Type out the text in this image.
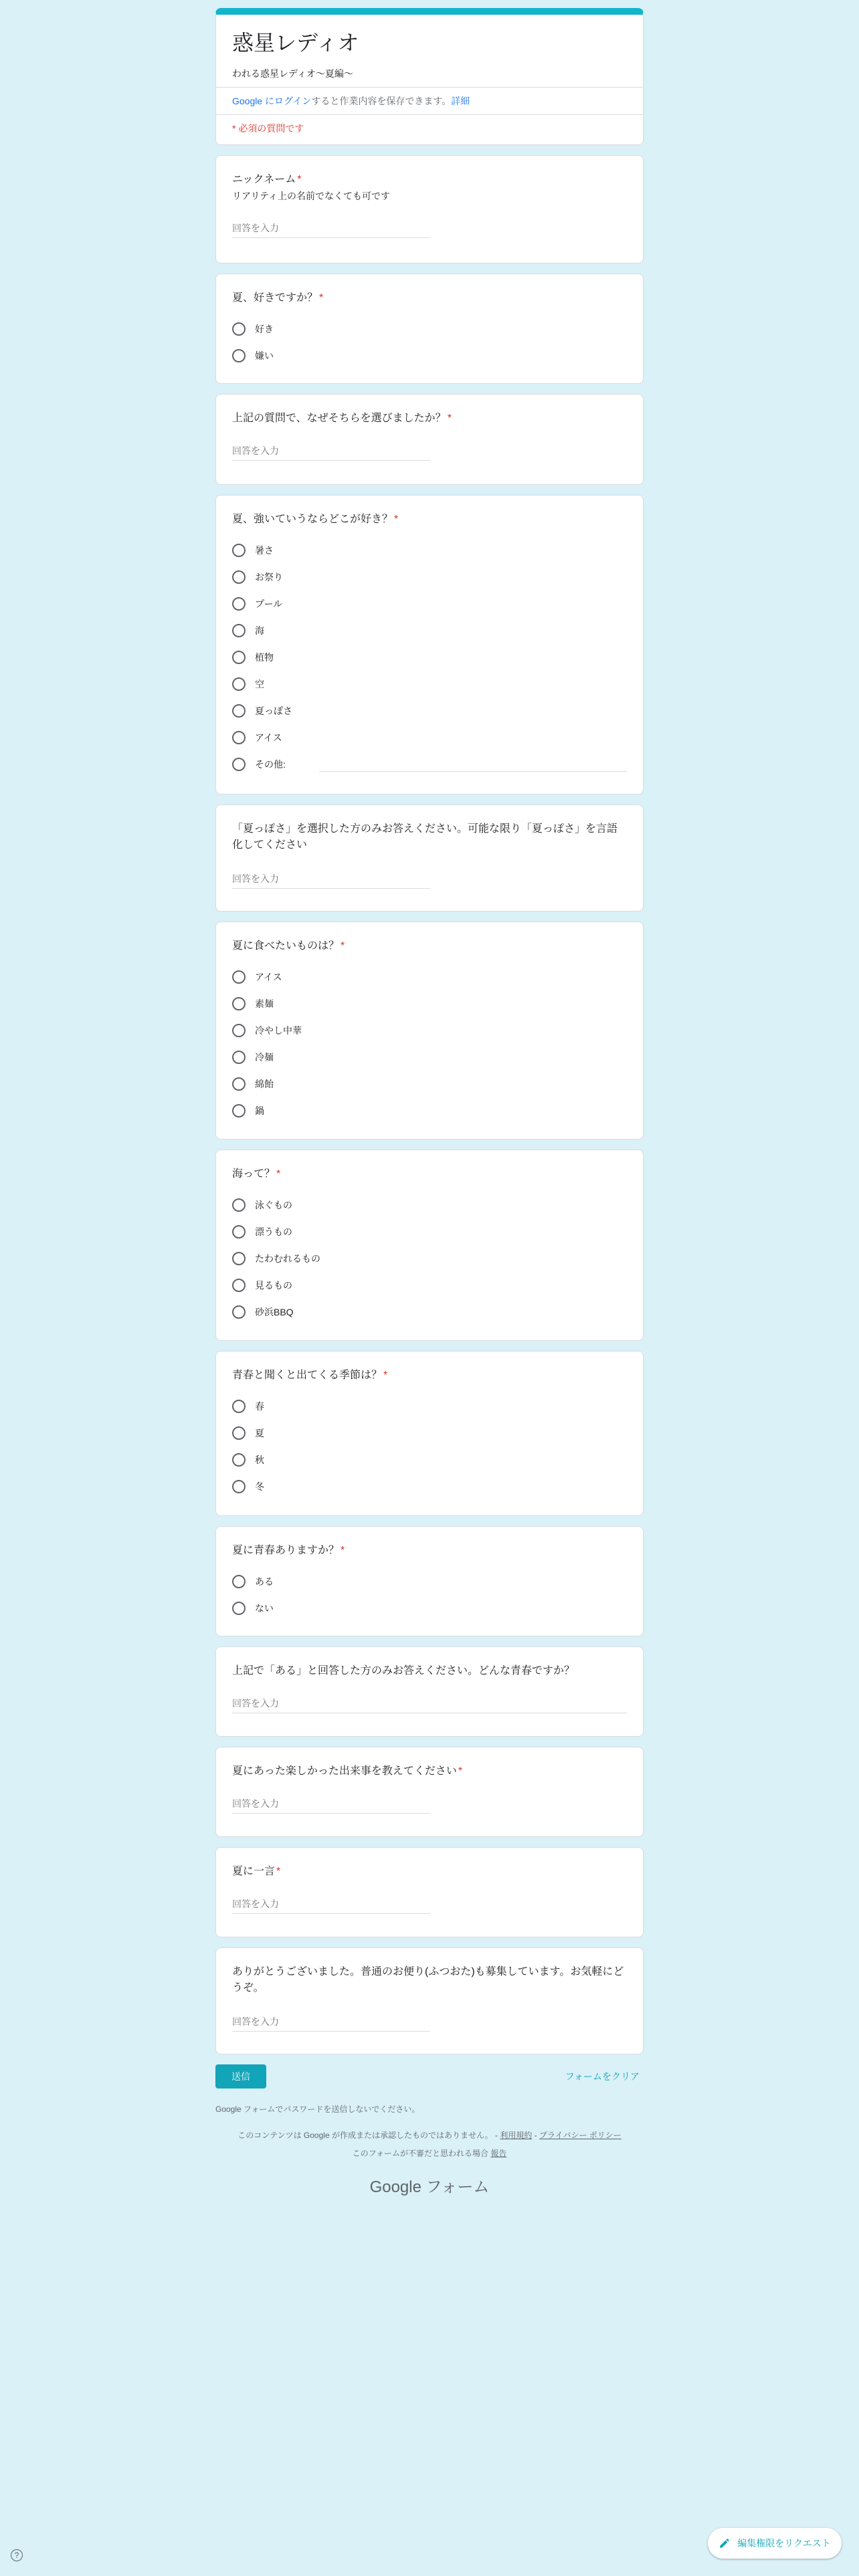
惑星レディオ
われる惑星レディオ〜夏編〜
Google にログインすると作業内容を保存できます。詳細
* 必須の質問です
ニックネーム *
リアリティ上の名前でなくても可です
回答を入力
夏、好きですか？ *
好き
嫌い
上記の質問で、なぜそちらを選びましたか？ *
回答を入力
夏、強いていうならどこが好き？ *
暑さ
お祭り
プール
海
植物
空
夏っぽさ
アイス
その他:
「夏っぽさ」を選択した方のみお答えください。可能な限り「夏っぽさ」を言語化してください
回答を入力
夏に食べたいものは？ *
アイス
素麺
冷やし中華
冷麺
綿飴
鍋
海って？ *
泳ぐもの
漂うもの
たわむれるもの
見るもの
砂浜BBQ
青春と聞くと出てくる季節は？ *
春
夏
秋
冬
夏に青春ありますか？ *
ある
ない
上記で「ある」と回答した方のみお答えください。どんな青春ですか？
回答を入力
夏にあった楽しかった出来事を教えてください *
回答を入力
夏に一言 *
回答を入力
ありがとうございました。普通のお便り(ふつおた)も募集しています。お気軽にどうぞ。
回答を入力
送信	フォームをクリア
Google フォームでパスワードを送信しないでください。
このコンテンツは Google が作成または承認したものではありません。 - 利用規約 - プライバシー ポリシー
このフォームが不審だと思われる場合 報告
Google フォーム
編集権限をリクエスト
?
